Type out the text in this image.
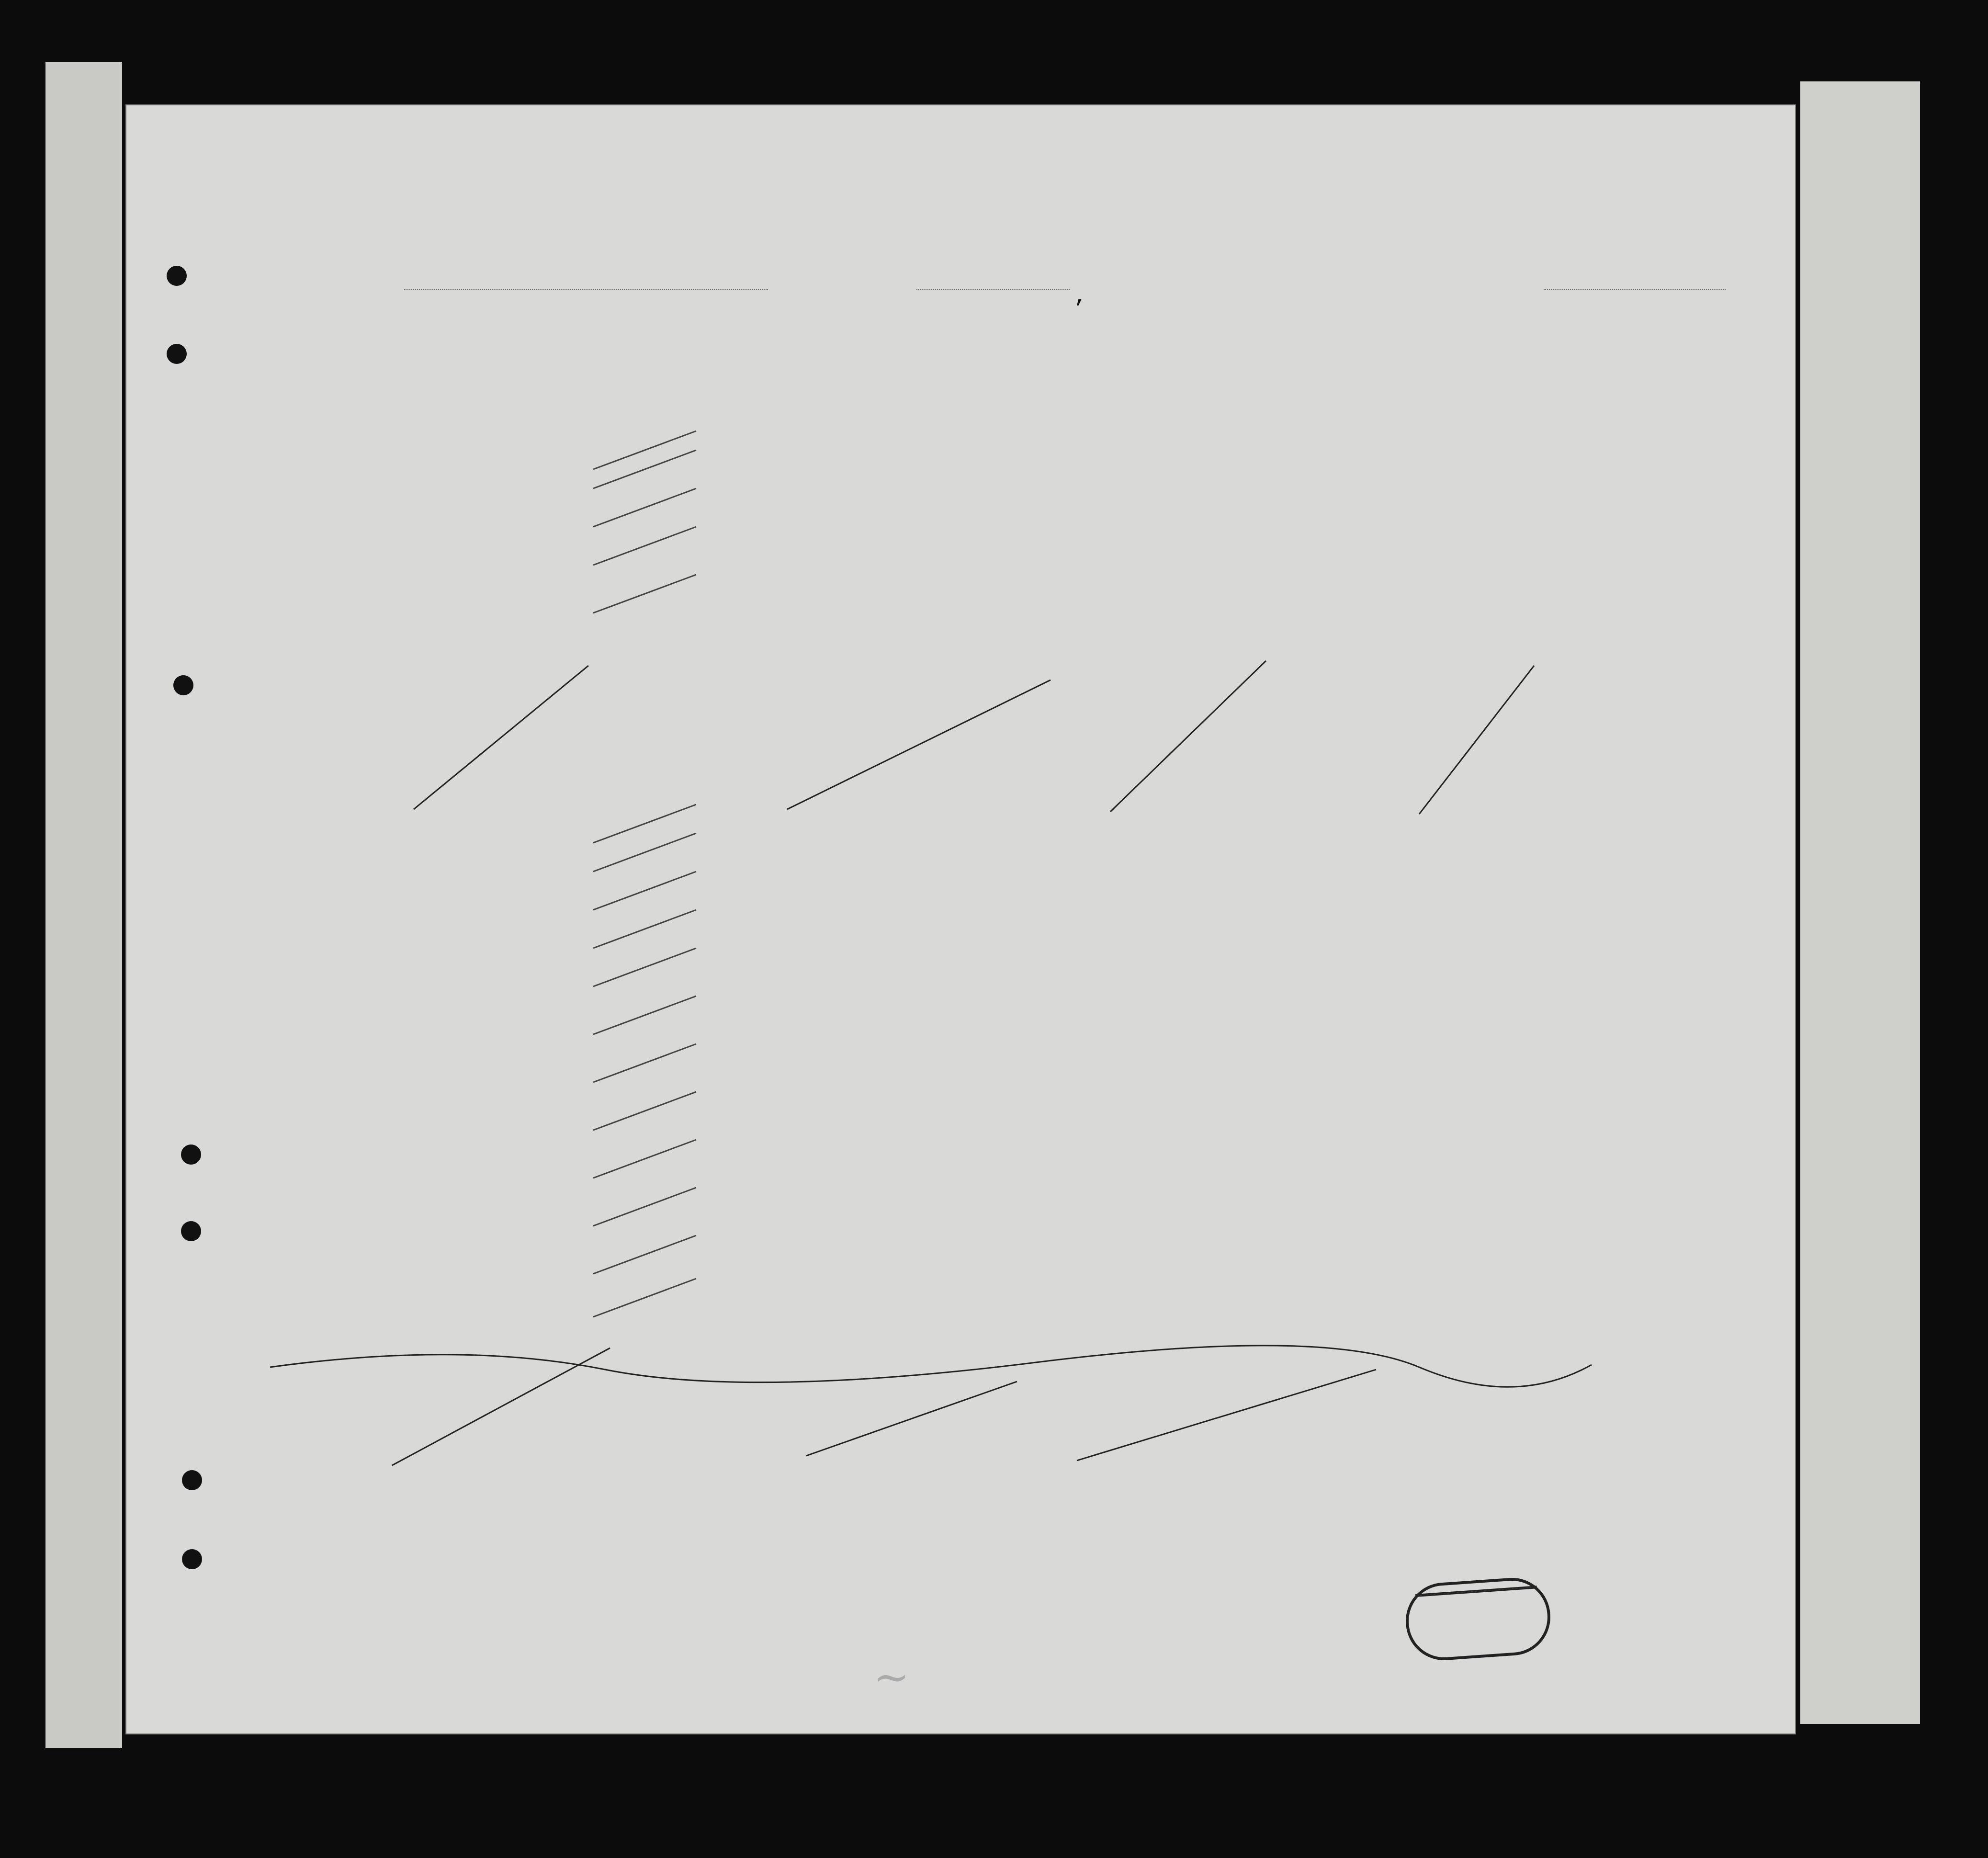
,
~
